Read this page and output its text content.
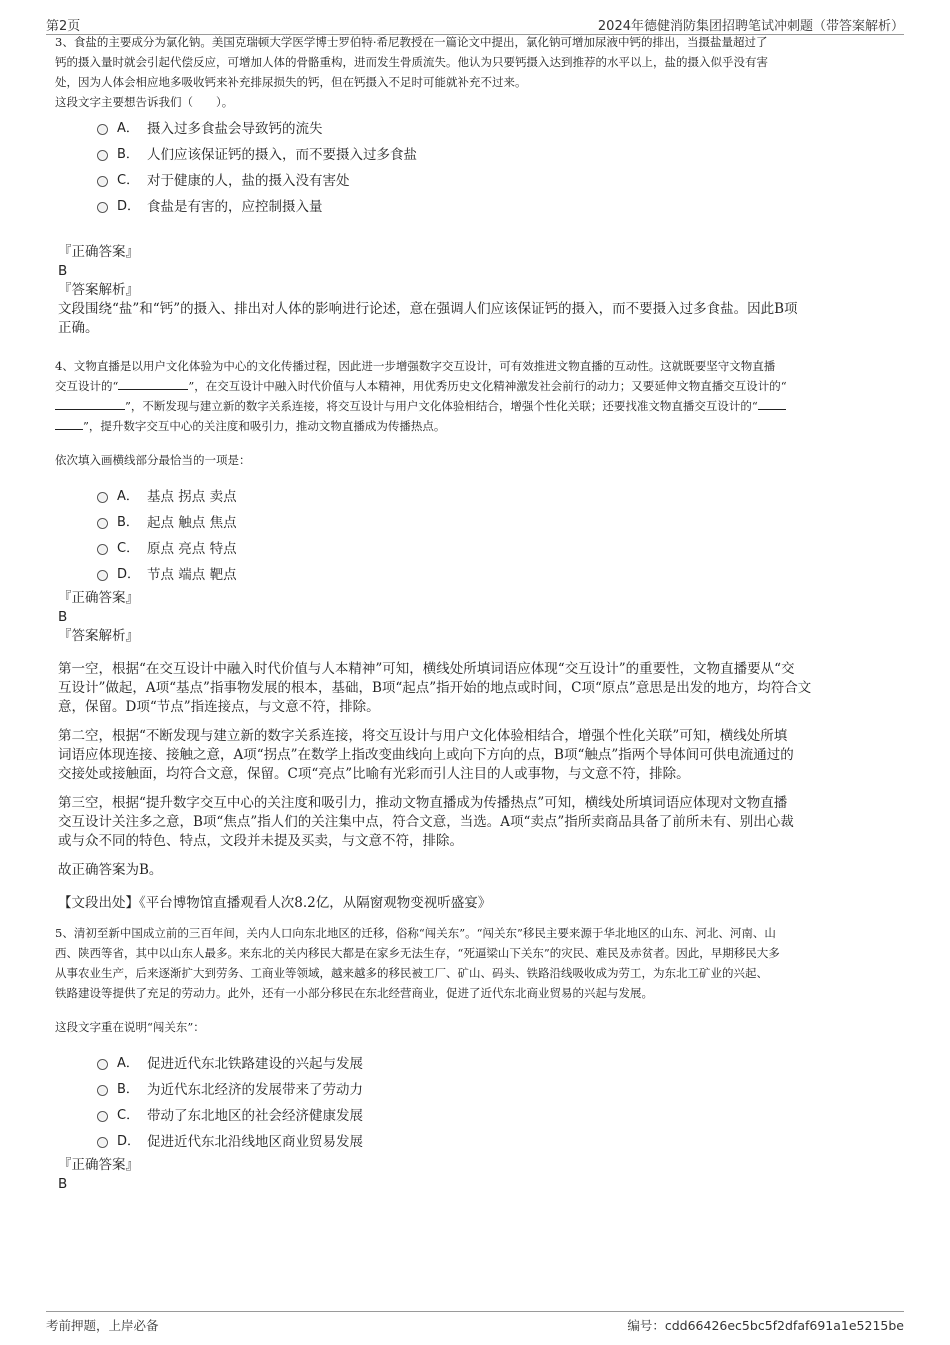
第2页	2024年德健消防集团招聘笔试冲刺题（带答案解析）

3、食盐的主要成分为氯化钠。美国克瑞顿大学医学博士罗伯特·希尼教授在一篇论文中提出，氯化钠可增加尿液中钙的排出，当摄盐量超过了

钙的摄入量时就会引起代偿反应，可增加人体的骨骼重构，进而发生骨质流失。他认为只要钙摄入达到推荐的水平以上，盐的摄入似乎没有害

处，因为人体会相应地多吸收钙来补充排尿损失的钙，但在钙摄入不足时可能就补充不过来。

这段文字主要想告诉我们（　　）。

A． 摄入过多食盐会导致钙的流失
B． 人们应该保证钙的摄入，而不要摄入过多食盐
C． 对于健康的人，盐的摄入没有害处
D． 食盐是有害的，应控制摄入量

『正确答案』

B

『答案解析』

文段围绕“盐”和“钙”的摄入、排出对人体的影响进行论述，意在强调人们应该保证钙的摄入，而不要摄入过多食盐。因此B项

正确。

4、文物直播是以用户文化体验为中心的文化传播过程，因此进一步增强数字交互设计，可有效推进文物直播的互动性。这就既要坚守文物直播

交互设计的“	”，在交互设计中融入时代价值与人本精神，用优秀历史文化精神激发社会前行的动力；又要延伸文物直播交互设计的“

”，不断发现与建立新的数字关系连接，将交互设计与用户文化体验相结合，增强个性化关联；还要找准文物直播交互设计的“

”，提升数字交互中心的关注度和吸引力，推动文物直播成为传播热点。

依次填入画横线部分最恰当的一项是：

A． 基点 拐点 卖点
B． 起点 触点 焦点
C． 原点 亮点 特点
D． 节点 端点 靶点

『正确答案』

B

『答案解析』

第一空，根据“在交互设计中融入时代价值与人本精神”可知，横线处所填词语应体现“交互设计”的重要性，文物直播要从“交

互设计”做起，A项“基点”指事物发展的根本，基础，B项“起点”指开始的地点或时间，C项“原点”意思是出发的地方，均符合文

意，保留。D项“节点”指连接点，与文意不符，排除。

第二空，根据“不断发现与建立新的数字关系连接，将交互设计与用户文化体验相结合，增强个性化关联”可知，横线处所填

词语应体现连接、接触之意，A项“拐点”在数学上指改变曲线向上或向下方向的点，B项“触点”指两个导体间可供电流通过的

交接处或接触面，均符合文意，保留。C项“亮点”比喻有光彩而引人注目的人或事物，与文意不符，排除。

第三空，根据“提升数字交互中心的关注度和吸引力，推动文物直播成为传播热点”可知，横线处所填词语应体现对文物直播

交互设计关注多之意，B项“焦点”指人们的关注集中点，符合文意，当选。A项“卖点”指所卖商品具备了前所未有、别出心裁

或与众不同的特色、特点，文段并未提及买卖，与文意不符，排除。

故正确答案为B。

【文段出处】《平台博物馆直播观看人次8.2亿，从隔窗观物变视听盛宴》

5、清初至新中国成立前的三百年间，关内人口向东北地区的迁移，俗称“闯关东”。“闯关东”移民主要来源于华北地区的山东、河北、河南、山

西、陕西等省，其中以山东人最多。来东北的关内移民大都是在家乡无法生存，“死逼梁山下关东”的灾民、难民及赤贫者。因此，早期移民大多

从事农业生产，后来逐渐扩大到劳务、工商业等领域，越来越多的移民被工厂、矿山、码头、铁路沿线吸收成为劳工，为东北工矿业的兴起、

铁路建设等提供了充足的劳动力。此外，还有一小部分移民在东北经营商业，促进了近代东北商业贸易的兴起与发展。

这段文字重在说明“闯关东”：

A． 促进近代东北铁路建设的兴起与发展
B． 为近代东北经济的发展带来了劳动力
C． 带动了东北地区的社会经济健康发展
D． 促进近代东北沿线地区商业贸易发展

『正确答案』

B

考前押题，上岸必备	编号：cdd66426ec5bc5f2dfaf691a1e5215be
